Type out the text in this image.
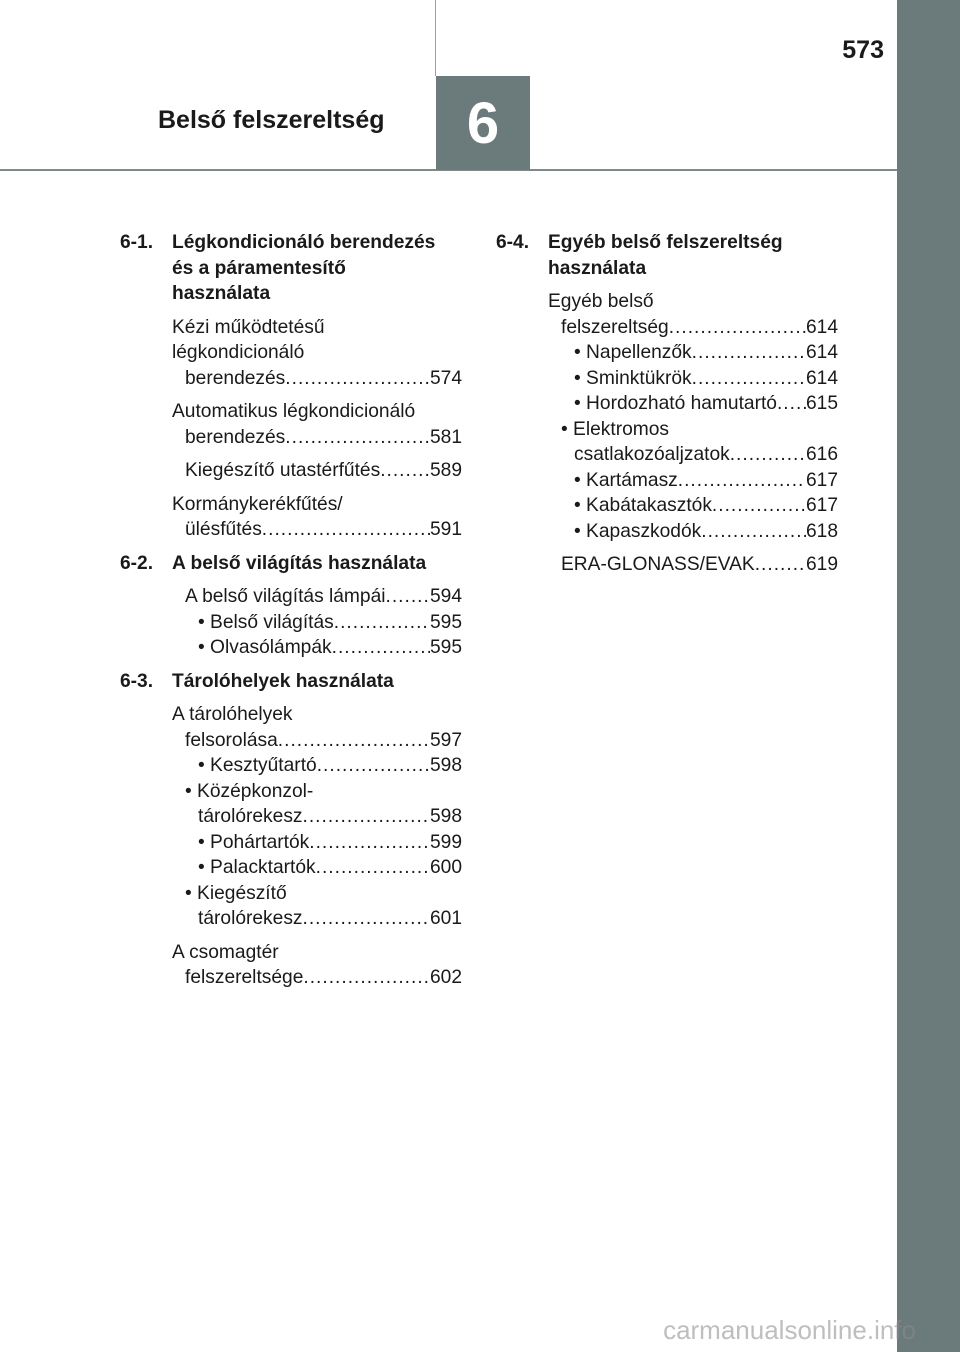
6
573
Belső felszereltség
6-1. Légkondicionáló berendezés
és a páramentesítő
használata
Kézi működtetésű
légkondicionáló
berendezés .....	574
Automatikus légkondicionáló
berendezés .....	581
Kiegészítő utastérfűtés .....	589
Kormánykerékfűtés/
ülésfűtés .....	591
6-2. A belső világítás használata
A belső világítás lámpái ..... 594
• Belső világítás .....	595
• Olvasólámpák .....	595
6-3. Tárolóhelyek használata
A tárolóhelyek
felsorolása .....	597
• Kesztyűtartó .....	598
• Középkonzol-
tárolórekesz .....	598
• Pohártartók .....	599
• Palacktartók .....	600
• Kiegészítő
tárolórekesz .....	601
A csomagtér
felszereltsége .....	602
6-4. Egyéb belső felszereltség
használata
Egyéb belső
felszereltség .....	614
• Napellenzők .....	614
• Sminktükrök .....	614
• Hordozható hamutartó ..... 615
• Elektromos
csatlakozóaljzatok .....	616
• Kartámasz .....	617
• Kabátakasztók .....	617
• Kapaszkodók .....	618
ERA-GLONASS/EVAK .....	619
carmanualsonline.info
